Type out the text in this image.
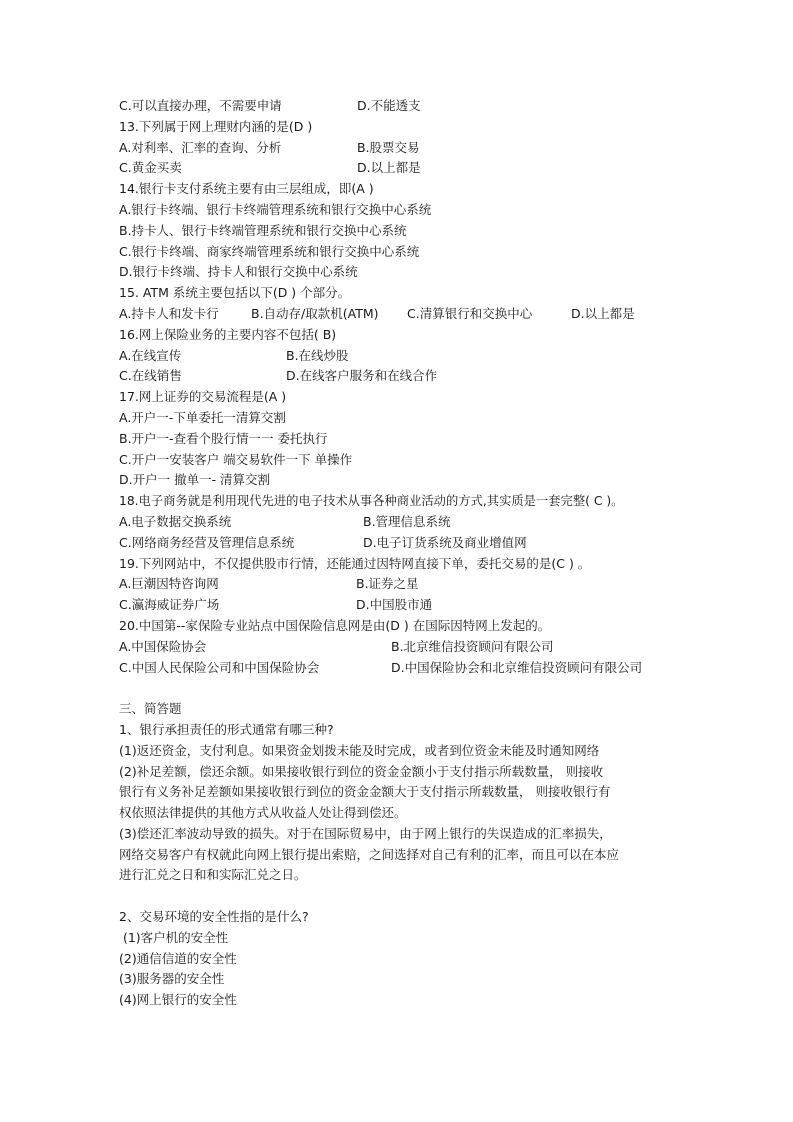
C.可以直接办理，不需要申请	D.不能透支
13.下列属于网上理财内涵的是(D )
A.对利率、汇率的查询、分析	B.股票交易
C.黄金买卖	D.以上都是
14.银行卡支付系统主要有由三层组成，即(A )
A.银行卡终端、银行卡终端管理系统和银行交换中心系统
B.持卡人、银行卡终端管理系统和银行交换中心系统
C.银行卡终端、商家终端管理系统和银行交换中心系统
D.银行卡终端、持卡人和银行交换中心系统
15. ATM 系统主要包括以下(D ) 个部分。
A.持卡人和发卡行	B.自动存/取款机(ATM)	C.清算银行和交换中心	D.以上都是
16.网上保险业务的主要内容不包括( B)
A.在线宣传	B.在线炒股
C.在线销售	D.在线客户服务和在线合作
17.网上证券的交易流程是(A )
A.开户一-下单委托一清算交割
B.开户一-查看个股行情一一 委托执行
C.开户一安装客户 端交易软件一下 单操作
D.开户一 撤单一- 清算交割
18.电子商务就是利用现代先进的电子技术从事各种商业活动的方式,其实质是一套完整( C )。
A.电子数据交换系统	B.管理信息系统
C.网络商务经营及管理信息系统	D.电子订货系统及商业增值网
19.下列网站中，不仅提供股市行情，还能通过因特网直接下单，委托交易的是(C ) 。
A.巨潮因特咨询网	B.证券之星
C.瀛海威证券广场	D.中国股市通
20.中国第--家保险专业站点中国保险信息网是由(D ) 在国际因特网上发起的。
A.中国保险协会	B.北京维信投资顾问有限公司
C.中国人民保险公司和中国保险协会	D.中国保险协会和北京维信投资顾问有限公司
三、简答题
1、银行承担责任的形式通常有哪三种?
(1)返还资金，支付利息。如果资金划拨未能及时完成，或者到位资金未能及时通知网络
(2)补足差额，偿还余额。如果接收银行到位的资金金额小于支付指示所载数量， 则接收
银行有义务补足差额如果接收银行到位的资金金额大于支付指示所载数量， 则接收银行有
权依照法律提供的其他方式从收益人处让得到偿还。
(3)偿还汇率波动导致的损失。对于在国际贸易中，由于网上银行的失误造成的汇率损失，
网络交易客户有权就此向网上银行提出索赔，之间选择对自己有利的汇率，而且可以在本应
进行汇兑之日和和实际汇兑之日。
2、交易环境的安全性指的是什么?
(1)客户机的安全性
(2)通信信道的安全性
(3)服务器的安全性
(4)网上银行的安全性
